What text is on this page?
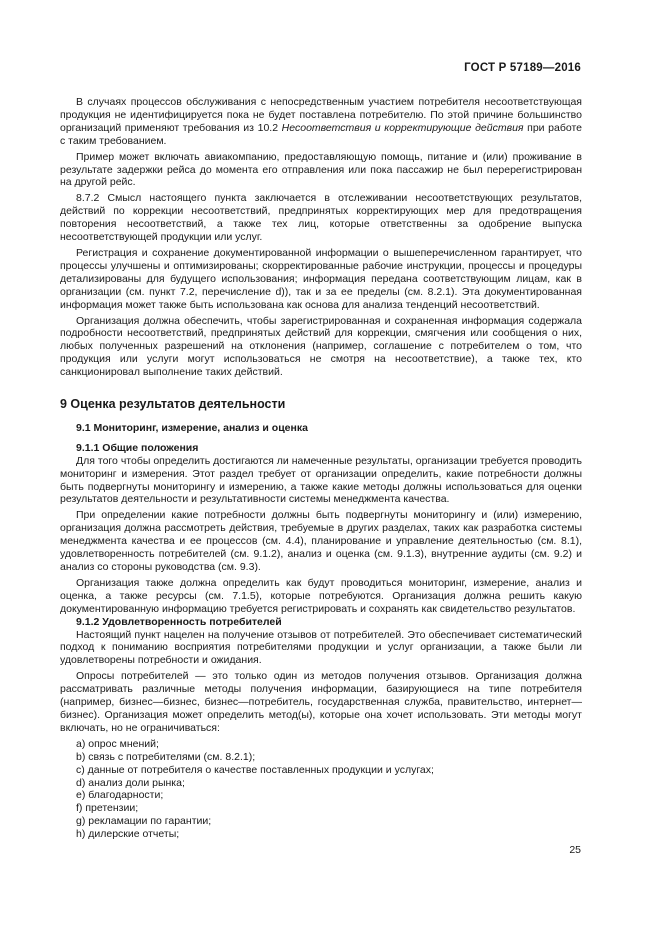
ГОСТ Р 57189—2016

В случаях процессов обслуживания с непосредственным участием потребителя несоответствующая продукция не идентифицируется пока не будет поставлена потребителю. По этой причине большинство организаций применяют требования из 10.2 Несоответствия и корректирующие действия при работе с таким требованием.

Пример может включать авиакомпанию, предоставляющую помощь, питание и (или) проживание в результате задержки рейса до момента его отправления или пока пассажир не был перерегистрирован на другой рейс.

8.7.2 Смысл настоящего пункта заключается в отслеживании несоответствующих результатов, действий по коррекции несоответствий, предпринятых корректирующих мер для предотвращения повторения несоответствий, а также тех лиц, которые ответственны за одобрение выпуска несоответствующей продукции или услуг.

Регистрация и сохранение документированной информации о вышеперечисленном гарантирует, что процессы улучшены и оптимизированы; скорректированные рабочие инструкции, процессы и процедуры детализированы для будущего использования; информация передана соответствующим лицам, как в организации (см. пункт 7.2, перечисление d)), так и за ее пределы (см. 8.2.1). Эта документированная информация может также быть использована как основа для анализа тенденций несоответствий.

Организация должна обеспечить, чтобы зарегистрированная и сохраненная информация содержала подробности несоответствий, предпринятых действий для коррекции, смягчения или сообщения о них, любых полученных разрешений на отклонения (например, соглашение с потребителем о том, что продукция или услуги могут использоваться не смотря на несоответствие), а также тех, кто санкционировал выполнение таких действий.

9 Оценка результатов деятельности
9.1 Мониторинг, измерение, анализ и оценка
9.1.1 Общие положения

Для того чтобы определить достигаются ли намеченные результаты, организации требуется проводить мониторинг и измерения. Этот раздел требует от организации определить, какие потребности должны быть подвергнуты мониторингу и измерению, а также какие методы должны использоваться для оценки результатов деятельности и результативности системы менеджмента качества.

При определении какие потребности должны быть подвергнуты мониторингу и (или) измерению, организация должна рассмотреть действия, требуемые в других разделах, таких как разработка системы менеджмента качества и ее процессов (см. 4.4), планирование и управление деятельностью (см. 8.1), удовлетворенность потребителей (см. 9.1.2), анализ и оценка (см. 9.1.3), внутренние аудиты (см. 9.2) и анализ со стороны руководства (см. 9.3).

Организация также должна определить как будут проводиться мониторинг, измерение, анализ и оценка, а также ресурсы (см. 7.1.5), которые потребуются. Организация должна решить какую документированную информацию требуется регистрировать и сохранять как свидетельство результатов.

9.1.2 Удовлетворенность потребителей

Настоящий пункт нацелен на получение отзывов от потребителей. Это обеспечивает систематический подход к пониманию восприятия потребителями продукции и услуг организации, а также были ли удовлетворены потребности и ожидания.

Опросы потребителей — это только один из методов получения отзывов. Организация должна рассматривать различные методы получения информации, базирующиеся на типе потребителя (например, бизнес—бизнес, бизнес—потребитель, государственная служба, правительство, интернет—бизнес). Организация может определить метод(ы), которые она хочет использовать. Эти методы могут включать, но не ограничиваться:

a) опрос мнений;

b) связь с потребителями (см. 8.2.1);

c) данные от потребителя о качестве поставленных продукции и услугах;

d) анализ доли рынка;

e) благодарности;

f) претензии;

g) рекламации по гарантии;

h) дилерские отчеты;

25
